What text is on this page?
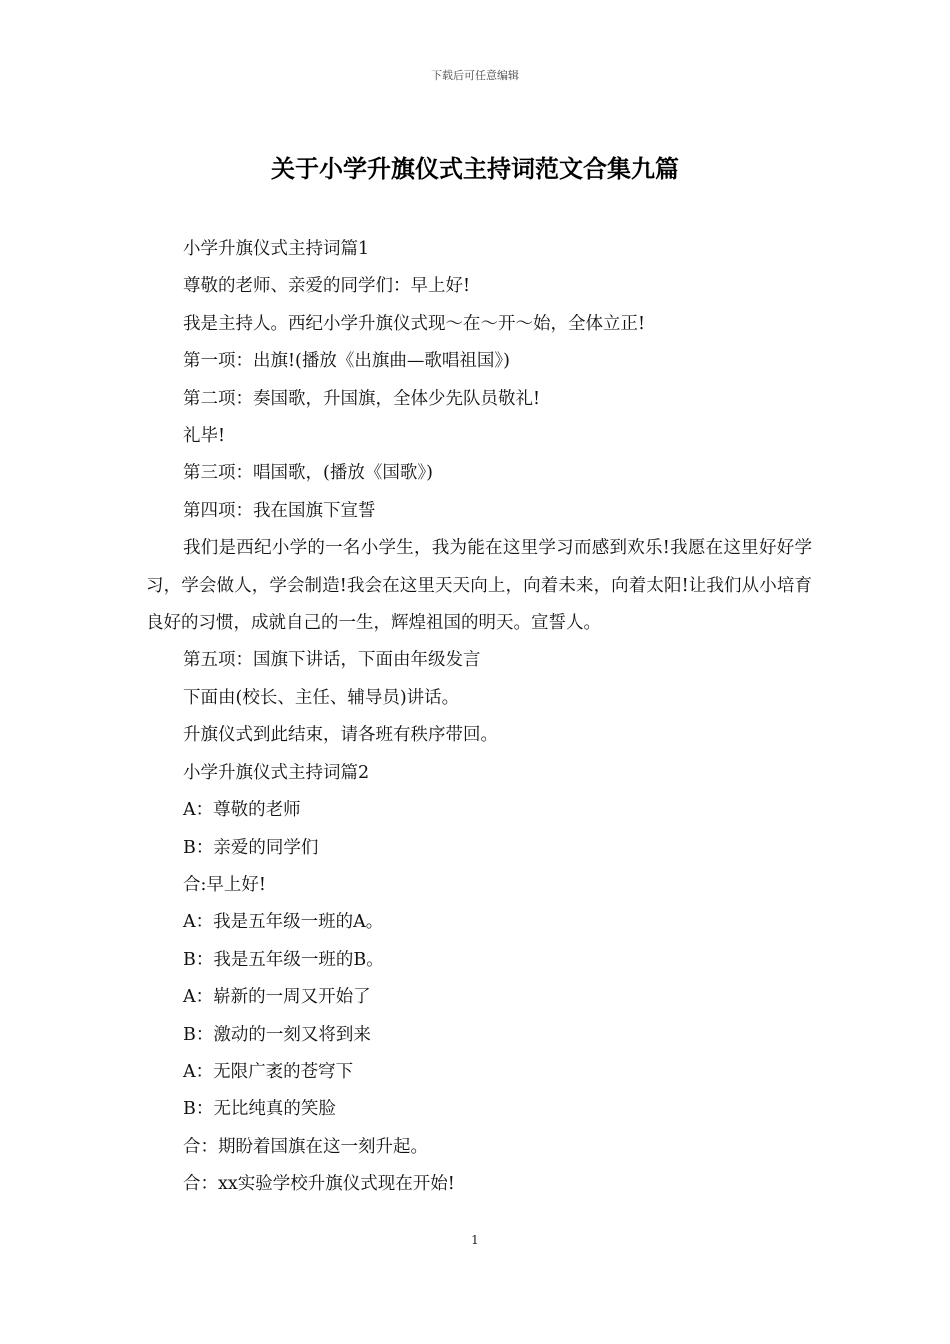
下载后可任意编辑
关于小学升旗仪式主持词范文合集九篇

小学升旗仪式主持词篇1

尊敬的老师、亲爱的同学们：早上好!

我是主持人。西纪小学升旗仪式现～在～开～始，全体立正!

第一项：出旗!(播放《出旗曲—歌唱祖国》)

第二项：奏国歌，升国旗，全体少先队员敬礼!

礼毕!

第三项：唱国歌，(播放《国歌》)

第四项：我在国旗下宣誓

我们是西纪小学的一名小学生，我为能在这里学习而感到欢乐!我愿在这里好好学习，学会做人，学会制造!我会在这里天天向上，向着未来，向着太阳!让我们从小培育良好的习惯，成就自己的一生，辉煌祖国的明天。宣誓人。

第五项：国旗下讲话，下面由年级发言

下面由(校长、主任、辅导员)讲话。

升旗仪式到此结束，请各班有秩序带回。

小学升旗仪式主持词篇2

A：尊敬的老师

B：亲爱的同学们

合:早上好!

A：我是五年级一班的A。

B：我是五年级一班的B。

A：崭新的一周又开始了

B：激动的一刻又将到来

A：无限广袤的苍穹下

B：无比纯真的笑脸

合：期盼着国旗在这一刻升起。

合：xx实验学校升旗仪式现在开始!

1
